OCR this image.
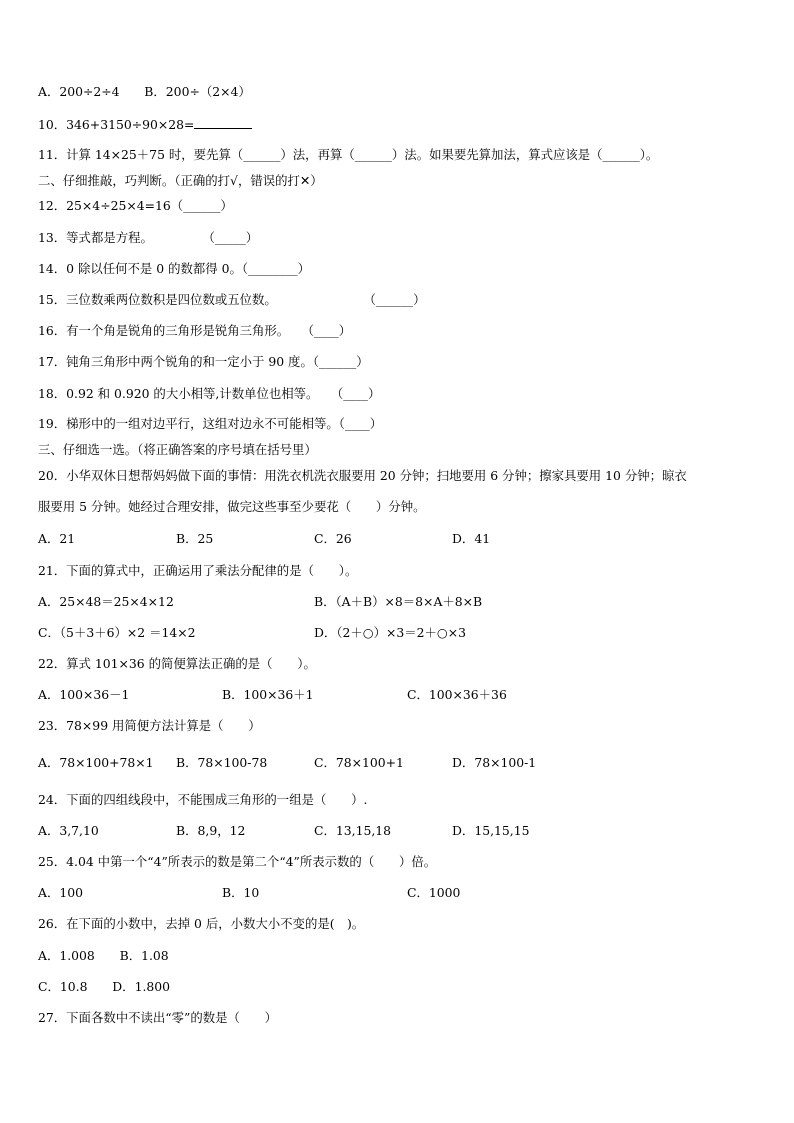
A．200÷2÷4　　B．200÷（2×4）
10．346+3150÷90×28=
11．计算 14×25＋75 时，要先算（______）法，再算（______）法。如果要先算加法，算式应该是（______）。
二、仔细推敲，巧判断。（正确的打√，错误的打✕）
12．25×4÷25×4=16（______）
13．等式都是方程。　　　　　（_____）
14．0 除以任何不是 0 的数都得 0。（________）
15．三位数乘两位数积是四位数或五位数。　　　　　　　　（______）
16．有一个角是锐角的三角形是锐角三角形。　　（____）
17．钝角三角形中两个锐角的和一定小于 90 度。（______）
18．0.92 和 0.920 的大小相等,计数单位也相等。　　（____）
19．梯形中的一组对边平行，这组对边永不可能相等。（____）
三、仔细选一选。（将正确答案的序号填在括号里）
20．小华双休日想帮妈妈做下面的事情：用洗衣机洗衣服要用 20 分钟；扫地要用 6 分钟；擦家具要用 10 分钟；晾衣
服要用 5 分钟。她经过合理安排，做完这些事至少要花（　　）分钟。
A．21	B．25	C．26	D．41
21．下面的算式中，正确运用了乘法分配律的是（　　）。
A．25×48＝25×4×12	B．（A＋B）×8＝8×A＋8×B
C．（5＋3＋6）×2 ＝14×2	D．（2＋○）×3＝2＋○×3
22．算式 101×36 的简便算法正确的是（　　）。
A．100×36－1	B．100×36＋1	C．100×36＋36
23．78×99 用简便方法计算是（　　）
A．78×100+78×1 B．78×100-78	C．78×100+1	D．78×100-1
24．下面的四组线段中，不能围成三角形的一组是（　　）.
A．3,7,10	B．8,9，12	C．13,15,18	D．15,15,15
25．4.04 中第一个“4”所表示的数是第二个“4”所表示数的（　　）倍。
A．100	B．10	C．1000
26．在下面的小数中，去掉 0 后，小数大小不变的是(　)。
A．1.008　　B．1.08
C．10.8　　D．1.800
27．下面各数中不读出“零”的数是（　　）
